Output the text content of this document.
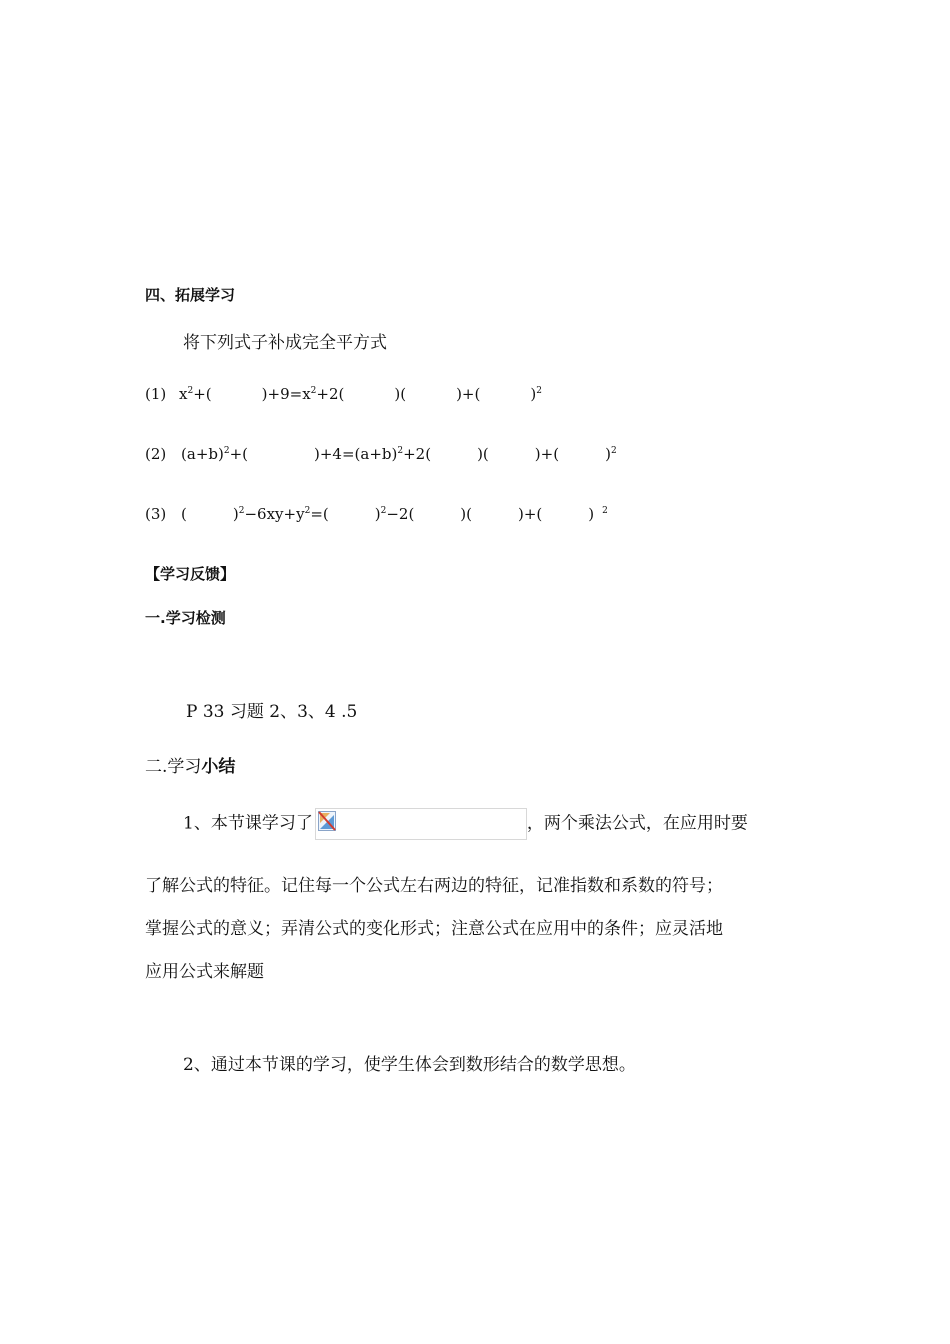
四、拓展学习
将下列式子补成完全平方式
(1) $x^2+$(	)$+9=x^2+2$(	)(	)+(	)$^2$
(2) $(a+b)^2+$(	)$+4=(a+b)^2+2$(	)(	)+(	)$^2$
(3) (	)$^2-6xy+y^2=$(	)$^2$−2(	)(	)+(	) $^2$
【学习反馈】
一.学习检测
P 33 习题 2、3、4 .5
二.学习小结
1、本节课学习了	，两个乘法公式，在应用时要
了解公式的特征。记住每一个公式左右两边的特征，记准指数和系数的符号；
掌握公式的意义；弄清公式的变化形式；注意公式在应用中的条件；应灵活地
应用公式来解题
2、通过本节课的学习，使学生体会到数形结合的数学思想。
